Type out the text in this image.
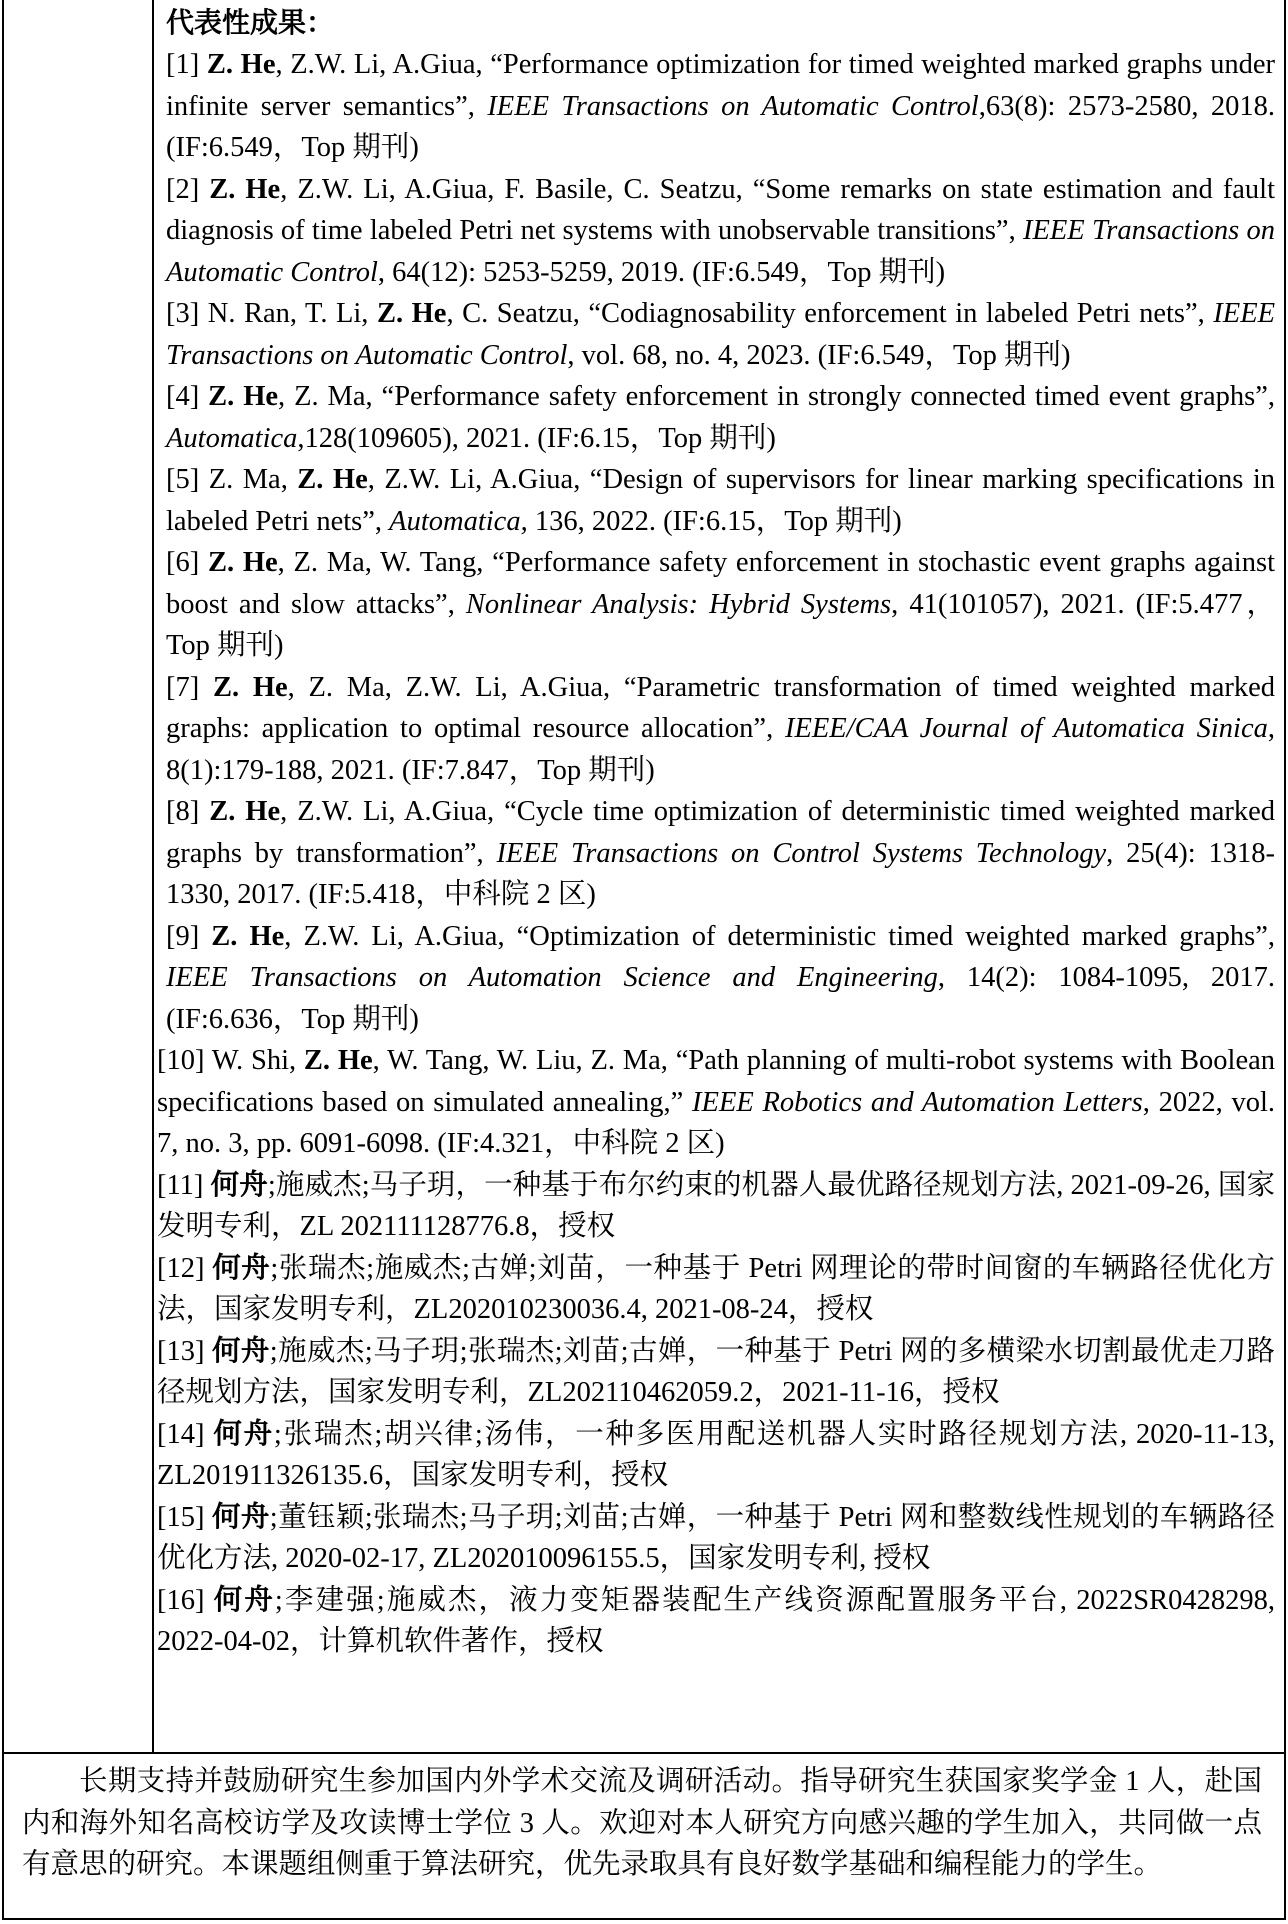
代表性成果：
[1] Z. He, Z.W. Li, A.Giua, “Performance optimization for timed weighted marked graphs under infinite server semantics”, IEEE Transactions on Automatic Control,63(8): 2573-2580, 2018. (IF:6.549，Top 期刊)
[2] Z. He, Z.W. Li, A.Giua, F. Basile, C. Seatzu, “Some remarks on state estimation and fault diagnosis of time labeled Petri net systems with unobservable transitions”, IEEE Transactions on Automatic Control, 64(12): 5253-5259, 2019. (IF:6.549，Top 期刊)
[3] N. Ran, T. Li, Z. He, C. Seatzu, “Codiagnosability enforcement in labeled Petri nets”, IEEE Transactions on Automatic Control, vol. 68, no. 4, 2023. (IF:6.549，Top 期刊)
[4] Z. He, Z. Ma, “Performance safety enforcement in strongly connected timed event graphs”, Automatica,128(109605), 2021. (IF:6.15，Top 期刊)
[5] Z. Ma, Z. He, Z.W. Li, A.Giua, “Design of supervisors for linear marking specifications in labeled Petri nets”, Automatica, 136, 2022. (IF:6.15，Top 期刊)
[6] Z. He, Z. Ma, W. Tang, “Performance safety enforcement in stochastic event graphs against boost and slow attacks”, Nonlinear Analysis: Hybrid Systems, 41(101057), 2021. (IF:5.477，Top 期刊)
[7] Z. He, Z. Ma, Z.W. Li, A.Giua, “Parametric transformation of timed weighted marked graphs: application to optimal resource allocation”, IEEE/CAA Journal of Automatica Sinica, 8(1):179-188, 2021. (IF:7.847，Top 期刊)
[8] Z. He, Z.W. Li, A.Giua, “Cycle time optimization of deterministic timed weighted marked graphs by transformation”, IEEE Transactions on Control Systems Technology, 25(4): 1318-1330, 2017. (IF:5.418，中科院 2 区)
[9] Z. He, Z.W. Li, A.Giua, “Optimization of deterministic timed weighted marked graphs”, IEEE Transactions on Automation Science and Engineering, 14(2): 1084-1095, 2017. (IF:6.636，Top 期刊)
[10] W. Shi, Z. He, W. Tang, W. Liu, Z. Ma, “Path planning of multi-robot systems with Boolean specifications based on simulated annealing,” IEEE Robotics and Automation Letters, 2022, vol. 7, no. 3, pp. 6091-6098. (IF:4.321，中科院 2 区)
[11] 何舟;施威杰;马子玥，一种基于布尔约束的机器人最优路径规划方法, 2021-09-26, 国家发明专利，ZL 202111128776.8，授权
[12] 何舟;张瑞杰;施威杰;古婵;刘苗，一种基于 Petri 网理论的带时间窗的车辆路径优化方法，国家发明专利，ZL202010230036.4, 2021-08-24，授权
[13] 何舟;施威杰;马子玥;张瑞杰;刘苗;古婵，一种基于 Petri 网的多横梁水切割最优走刀路径规划方法，国家发明专利，ZL202110462059.2，2021-11-16，授权
[14] 何舟;张瑞杰;胡兴律;汤伟，一种多医用配送机器人实时路径规划方法, 2020-11-13, ZL201911326135.6，国家发明专利，授权
[15] 何舟;董钰颖;张瑞杰;马子玥;刘苗;古婵，一种基于 Petri 网和整数线性规划的车辆路径优化方法, 2020-02-17, ZL202010096155.5，国家发明专利, 授权
[16] 何舟;李建强;施威杰，液力变矩器装配生产线资源配置服务平台, 2022SR0428298, 2022-04-02，计算机软件著作，授权
长期支持并鼓励研究生参加国内外学术交流及调研活动。指导研究生获国家奖学金 1 人，赴国内和海外知名高校访学及攻读博士学位 3 人。欢迎对本人研究方向感兴趣的学生加入，共同做一点有意思的研究。本课题组侧重于算法研究，优先录取具有良好数学基础和编程能力的学生。
